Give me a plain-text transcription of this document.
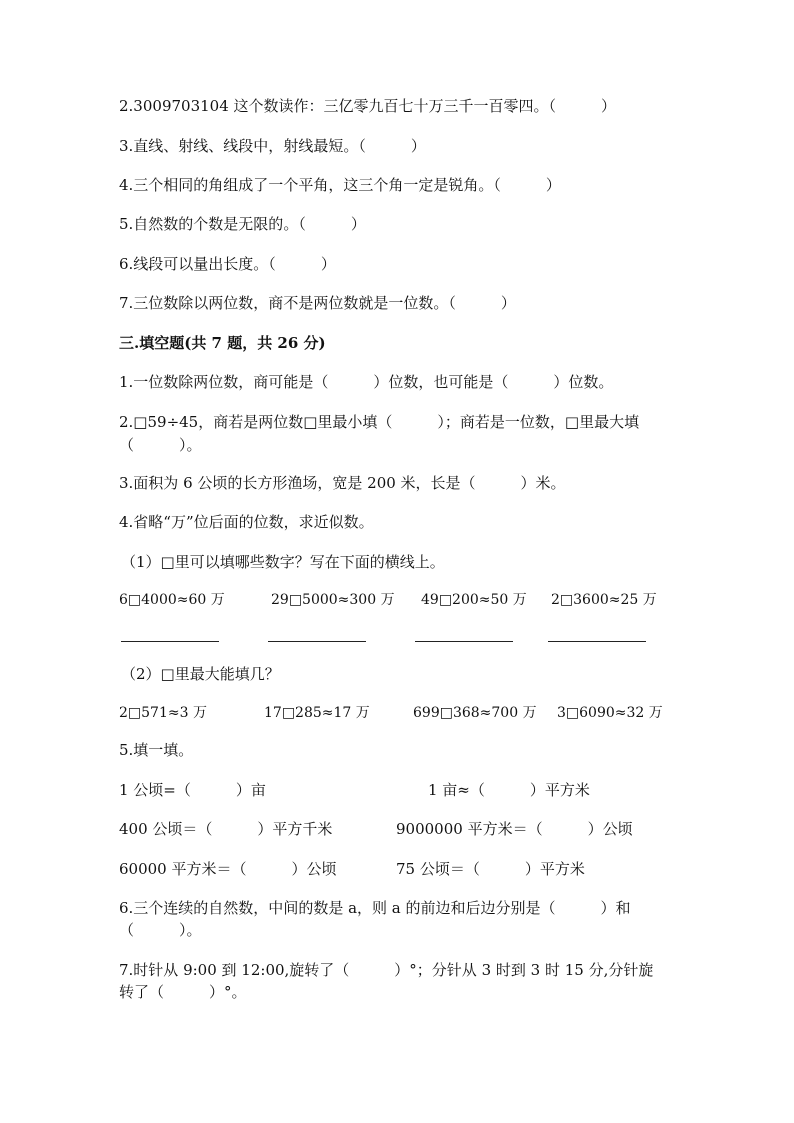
2.3009703104 这个数读作：三亿零九百七十万三千一百零四。（　　　）
3.直线、射线、线段中，射线最短。（　　　）
4.三个相同的角组成了一个平角，这三个角一定是锐角。（　　　）
5.自然数的个数是无限的。（　　　）
6.线段可以量出长度。（　　　）
7.三位数除以两位数，商不是两位数就是一位数。（　　　）
三.填空题(共 7 题，共 26 分)
1.一位数除两位数，商可能是（　　　）位数，也可能是（　　　）位数。
2.□59÷45，商若是两位数□里最小填（　　　）；商若是一位数，□里最大填
（　　　）。
3.面积为 6 公顷的长方形渔场，宽是 200 米，长是（　　　）米。
4.省略“万”位后面的位数，求近似数。
（1）□里可以填哪些数字？写在下面的横线上。
6□4000≈60 万	29□5000≈300 万 49□200≈50 万 2□3600≈25 万
（2）□里最大能填几？
2□571≈3 万	17□285≈17 万	699□368≈700 万 3□6090≈32 万
5.填一填。
1 公顷=（　　　）亩	1 亩≈（　　　）平方米
400 公顷＝（　　　）平方千米	9000000 平方米＝（　　　）公顷
60000 平方米＝（　　　）公顷	75 公顷＝（　　　）平方米
6.三个连续的自然数，中间的数是 a，则 a 的前边和后边分别是（　　　）和
（　　　）。
7.时针从 9:00 到 12:00,旋转了（　　　）°；分针从 3 时到 3 时 15 分,分针旋
转了（　　　）°。
